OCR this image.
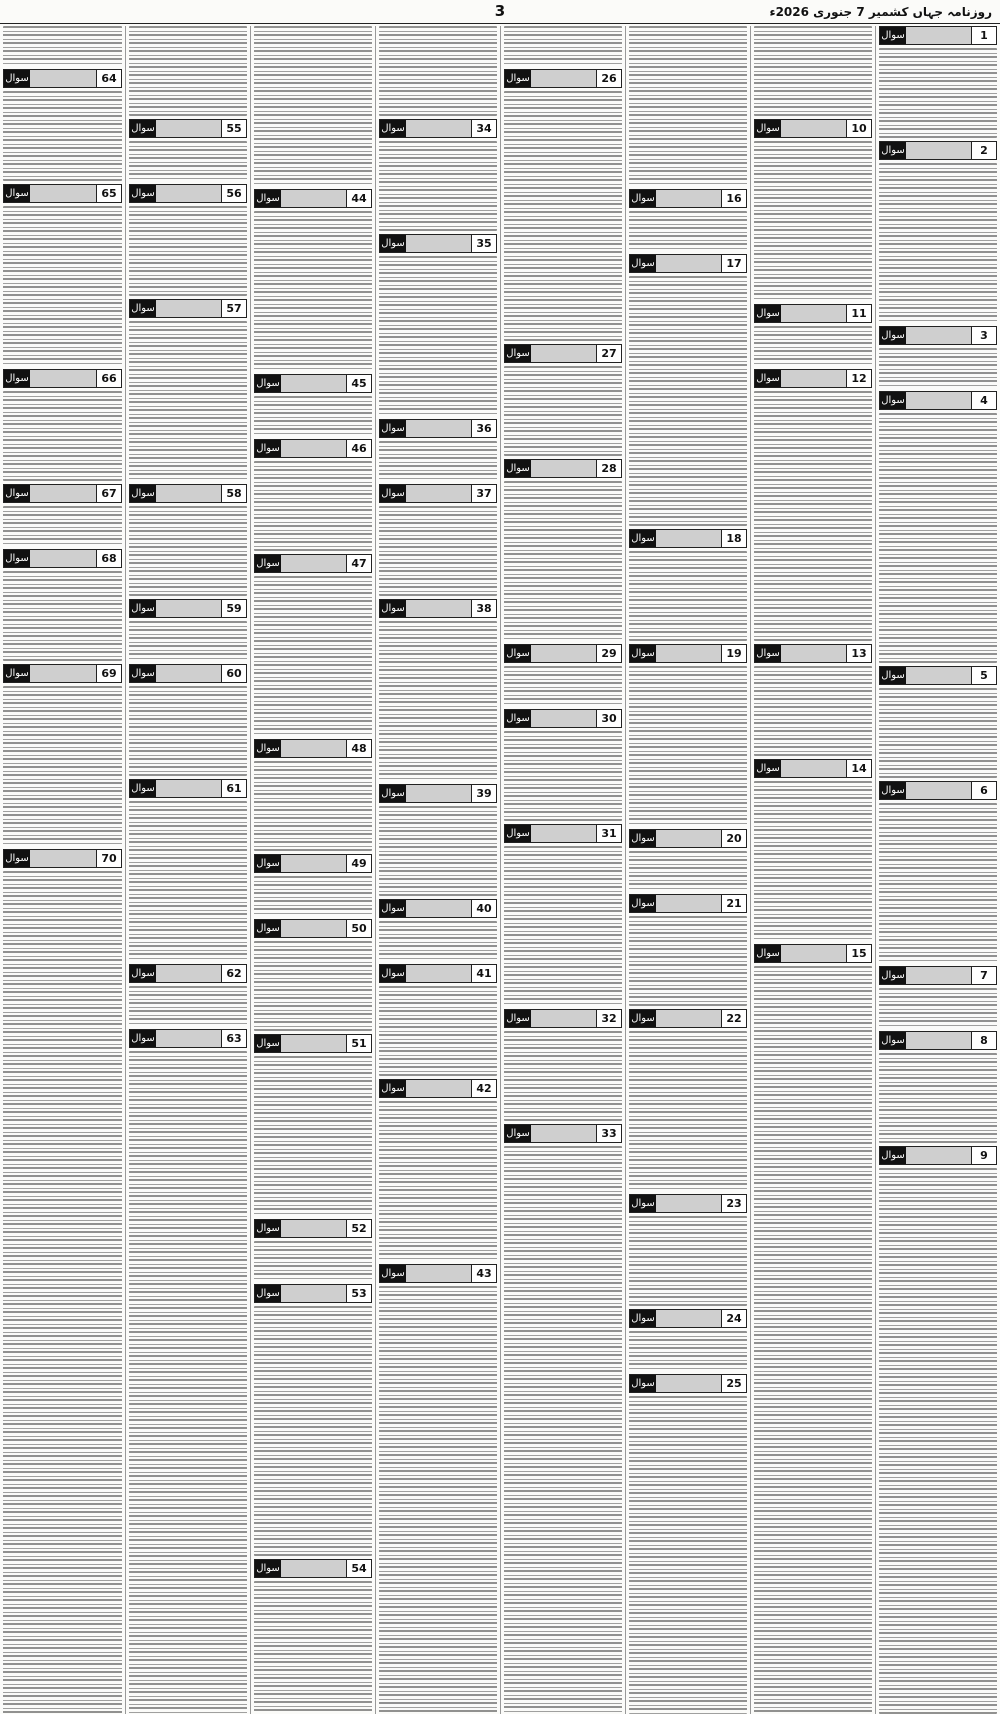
روزنامہ جہاں کشمیر 7 جنوری 2026ء
3
1
سوال
2
سوال
3
سوال
4
سوال
5
سوال
6
سوال
7
سوال
8
سوال
9
سوال
10
سوال
11
سوال
12
سوال
13
سوال
14
سوال
15
سوال
16
سوال
17
سوال
18
سوال
19
سوال
20
سوال
21
سوال
22
سوال
23
سوال
24
سوال
25
سوال
26
سوال
27
سوال
28
سوال
29
سوال
30
سوال
31
سوال
32
سوال
33
سوال
34
سوال
35
سوال
36
سوال
37
سوال
38
سوال
39
سوال
40
سوال
41
سوال
42
سوال
43
سوال
44
سوال
45
سوال
46
سوال
47
سوال
48
سوال
49
سوال
50
سوال
51
سوال
52
سوال
53
سوال
54
سوال
55
سوال
56
سوال
57
سوال
58
سوال
59
سوال
60
سوال
61
سوال
62
سوال
63
سوال
64
سوال
65
سوال
66
سوال
67
سوال
68
سوال
69
سوال
70
سوال
